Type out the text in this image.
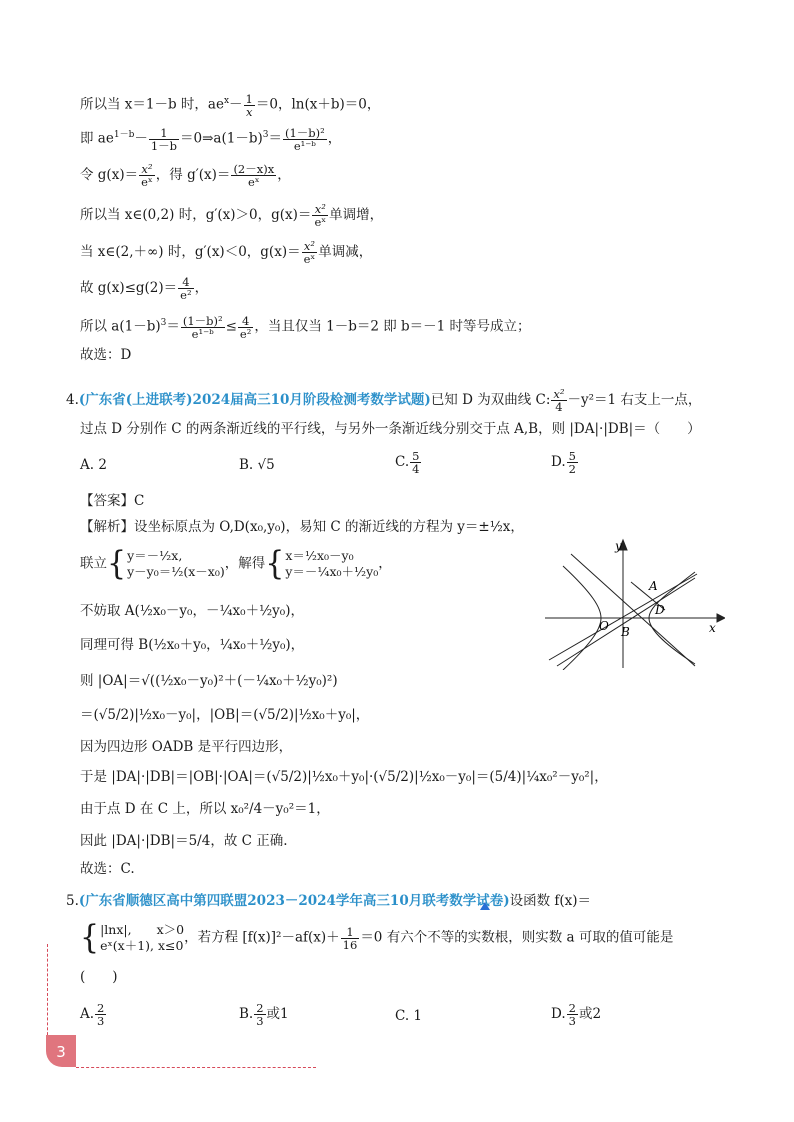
所以当 x＝1－b 时，$ae^x- \frac{1}{x} =0$，ln(x＋b)＝0，
即 $ae^{1-b}- \frac{1}{1-b}$ $=0\Rightarrow a(1-b)^3= \frac{\text{(1－b)²}}{\text{e¹⁻ᵇ}}$ ，
令 $g(x)= \frac{\text{x²}}{\text{eˣ}}$ ，得 $g'(x)= \frac{(2-x)x}{\text{eˣ}}$ ，
所以当 x∈(0,2) 时，g′(x)＞0，$g(x)= \frac{\text{x²}}{\text{eˣ}}$ 单调增，
当 x∈(2,＋∞) 时，g′(x)＜0，$g(x)= \frac{\text{x²}}{\text{eˣ}}$ 单调减，
故 $g(x)\le g(2)= \frac{4}{\text{e²}}$ ，
所以 $a(1-b)^3= \frac{\text{(1－b)²}}{\text{e¹⁻ᵇ}} \le \frac{4}{\text{e²}}$ ，当且仅当 1－b＝2 即 b＝－1 时等号成立；
故选：D
4.(广东省(上进联考)2024届高三10月阶段检测考数学试题)已知 D 为双曲线 C: $\frac{\text{x²}}{4} -y^2=1$ 右支上一点，
过点 D 分别作 C 的两条渐近线的平行线，与另外一条渐近线分别交于点 A,B，则 |DA|·|DB|＝（　　）
A. 2	B. √5	C. $\frac{5}{4}$	D. $\frac{5}{2}$
【答案】C
【解析】设坐标原点为 O,D(x₀,y₀)，易知 C 的渐近线的方程为 y＝±½x，
联立{ y＝－½x,
y－y₀＝½(x－x₀) ，解得{ x＝½x₀－y₀
y＝－¼x₀＋½y₀ ，
不妨取 A(½x₀－y₀，－¼x₀＋½y₀)，
同理可得 B(½x₀＋y₀，¼x₀＋½y₀)，
则 |OA|＝√((½x₀－y₀)²＋(－¼x₀＋½y₀)²)
＝(√5/2)|½x₀－y₀|，|OB|＝(√5/2)|½x₀＋y₀|，
因为四边形 OADB 是平行四边形，
于是 |DA|·|DB|＝|OB|·|OA|＝(√5/2)|½x₀＋y₀|·(√5/2)|½x₀－y₀|＝(5/4)|¼x₀²－y₀²|，
由于点 D 在 C 上，所以 x₀²/4－y₀²＝1，
因此 |DA|·|DB|＝5/4，故 C 正确.
故选：C.
y
x
O
A
B
D
5.(广东省顺德区高中第四联盟2023－2024学年高三10月联考数学试卷)设函数 f(x)＝
{ |lnx|,　　x＞0
eˣ(x＋1), x≤0 ，若方程 $[f(x)]^2-af(x)+ \frac{1}{16} =0$ 有六个不等的实数根，则实数 a 可取的值可能是
(　　)
A. $\frac{2}{3}$	B. $\frac{2}{3}$ 或1	C. 1	D. $\frac{2}{3}$ 或2
3
